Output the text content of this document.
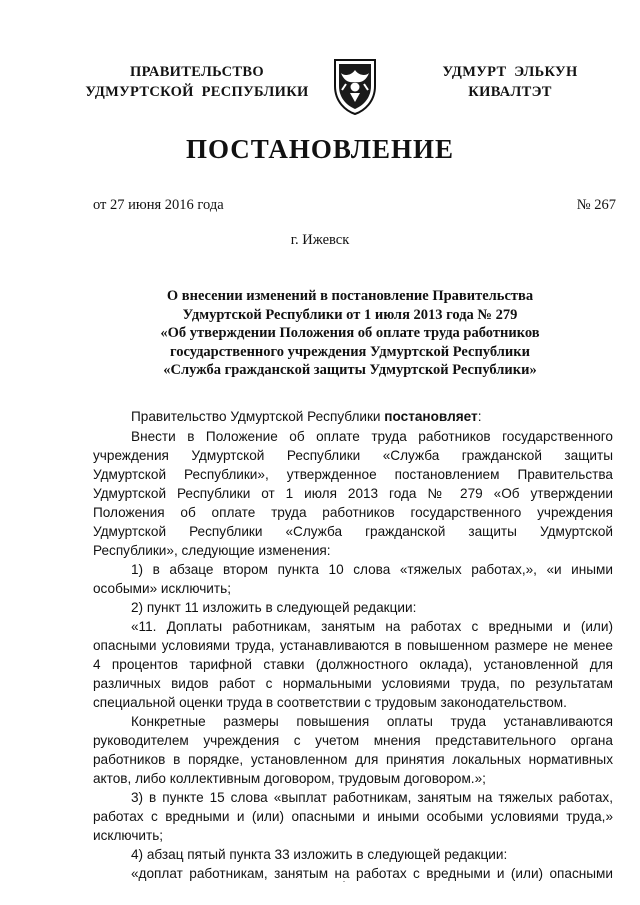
ПРАВИТЕЛЬСТВО
УДМУРТСКОЙ  РЕСПУБЛИКИ
УДМУРТ  ЭЛЬКУН
КИВАЛТЭТ
ПОСТАНОВЛЕНИЕ
от 27 июня 2016 года	№ 267
г. Ижевск
О внесении изменений в постановление Правительства
Удмуртской Республики от 1 июля 2013 года № 279
«Об утверждении Положения об оплате труда работников
государственного учреждения Удмуртской Республики
«Служба гражданской защиты Удмуртской Республики»
Правительство Удмуртской Республики постановляет:
Внести в Положение об оплате труда работников государственного
учреждения Удмуртской Республики «Служба гражданской защиты
Удмуртской Республики», утвержденное постановлением Правительства
Удмуртской Республики от 1 июля 2013 года № 279 «Об утверждении
Положения об оплате труда работников государственного учреждения
Удмуртской Республики «Служба гражданской защиты Удмуртской
Республики», следующие изменения:
1) в абзаце втором пункта 10 слова «тяжелых работах,», «и иными
особыми» исключить;
2) пункт 11 изложить в следующей редакции:
«11. Доплаты работникам, занятым на работах с вредными и (или)
опасными условиями труда, устанавливаются в повышенном размере не менее
4 процентов тарифной ставки (должностного оклада), установленной для
различных видов работ с нормальными условиями труда, по результатам
специальной оценки труда в соответствии с трудовым законодательством.
Конкретные размеры повышения оплаты труда устанавливаются
руководителем учреждения с учетом мнения представительного органа
работников в порядке, установленном для принятия локальных нормативных
актов, либо коллективным договором, трудовым договором.»;
3) в пункте 15 слова «выплат работникам, занятым на тяжелых работах,
работах с вредными и (или) опасными и иными особыми условиями труда,»
исключить;
4) абзац пятый пункта 33 изложить в следующей редакции:
«доплат работникам, занятым на работах с вредными и (или) опасными
